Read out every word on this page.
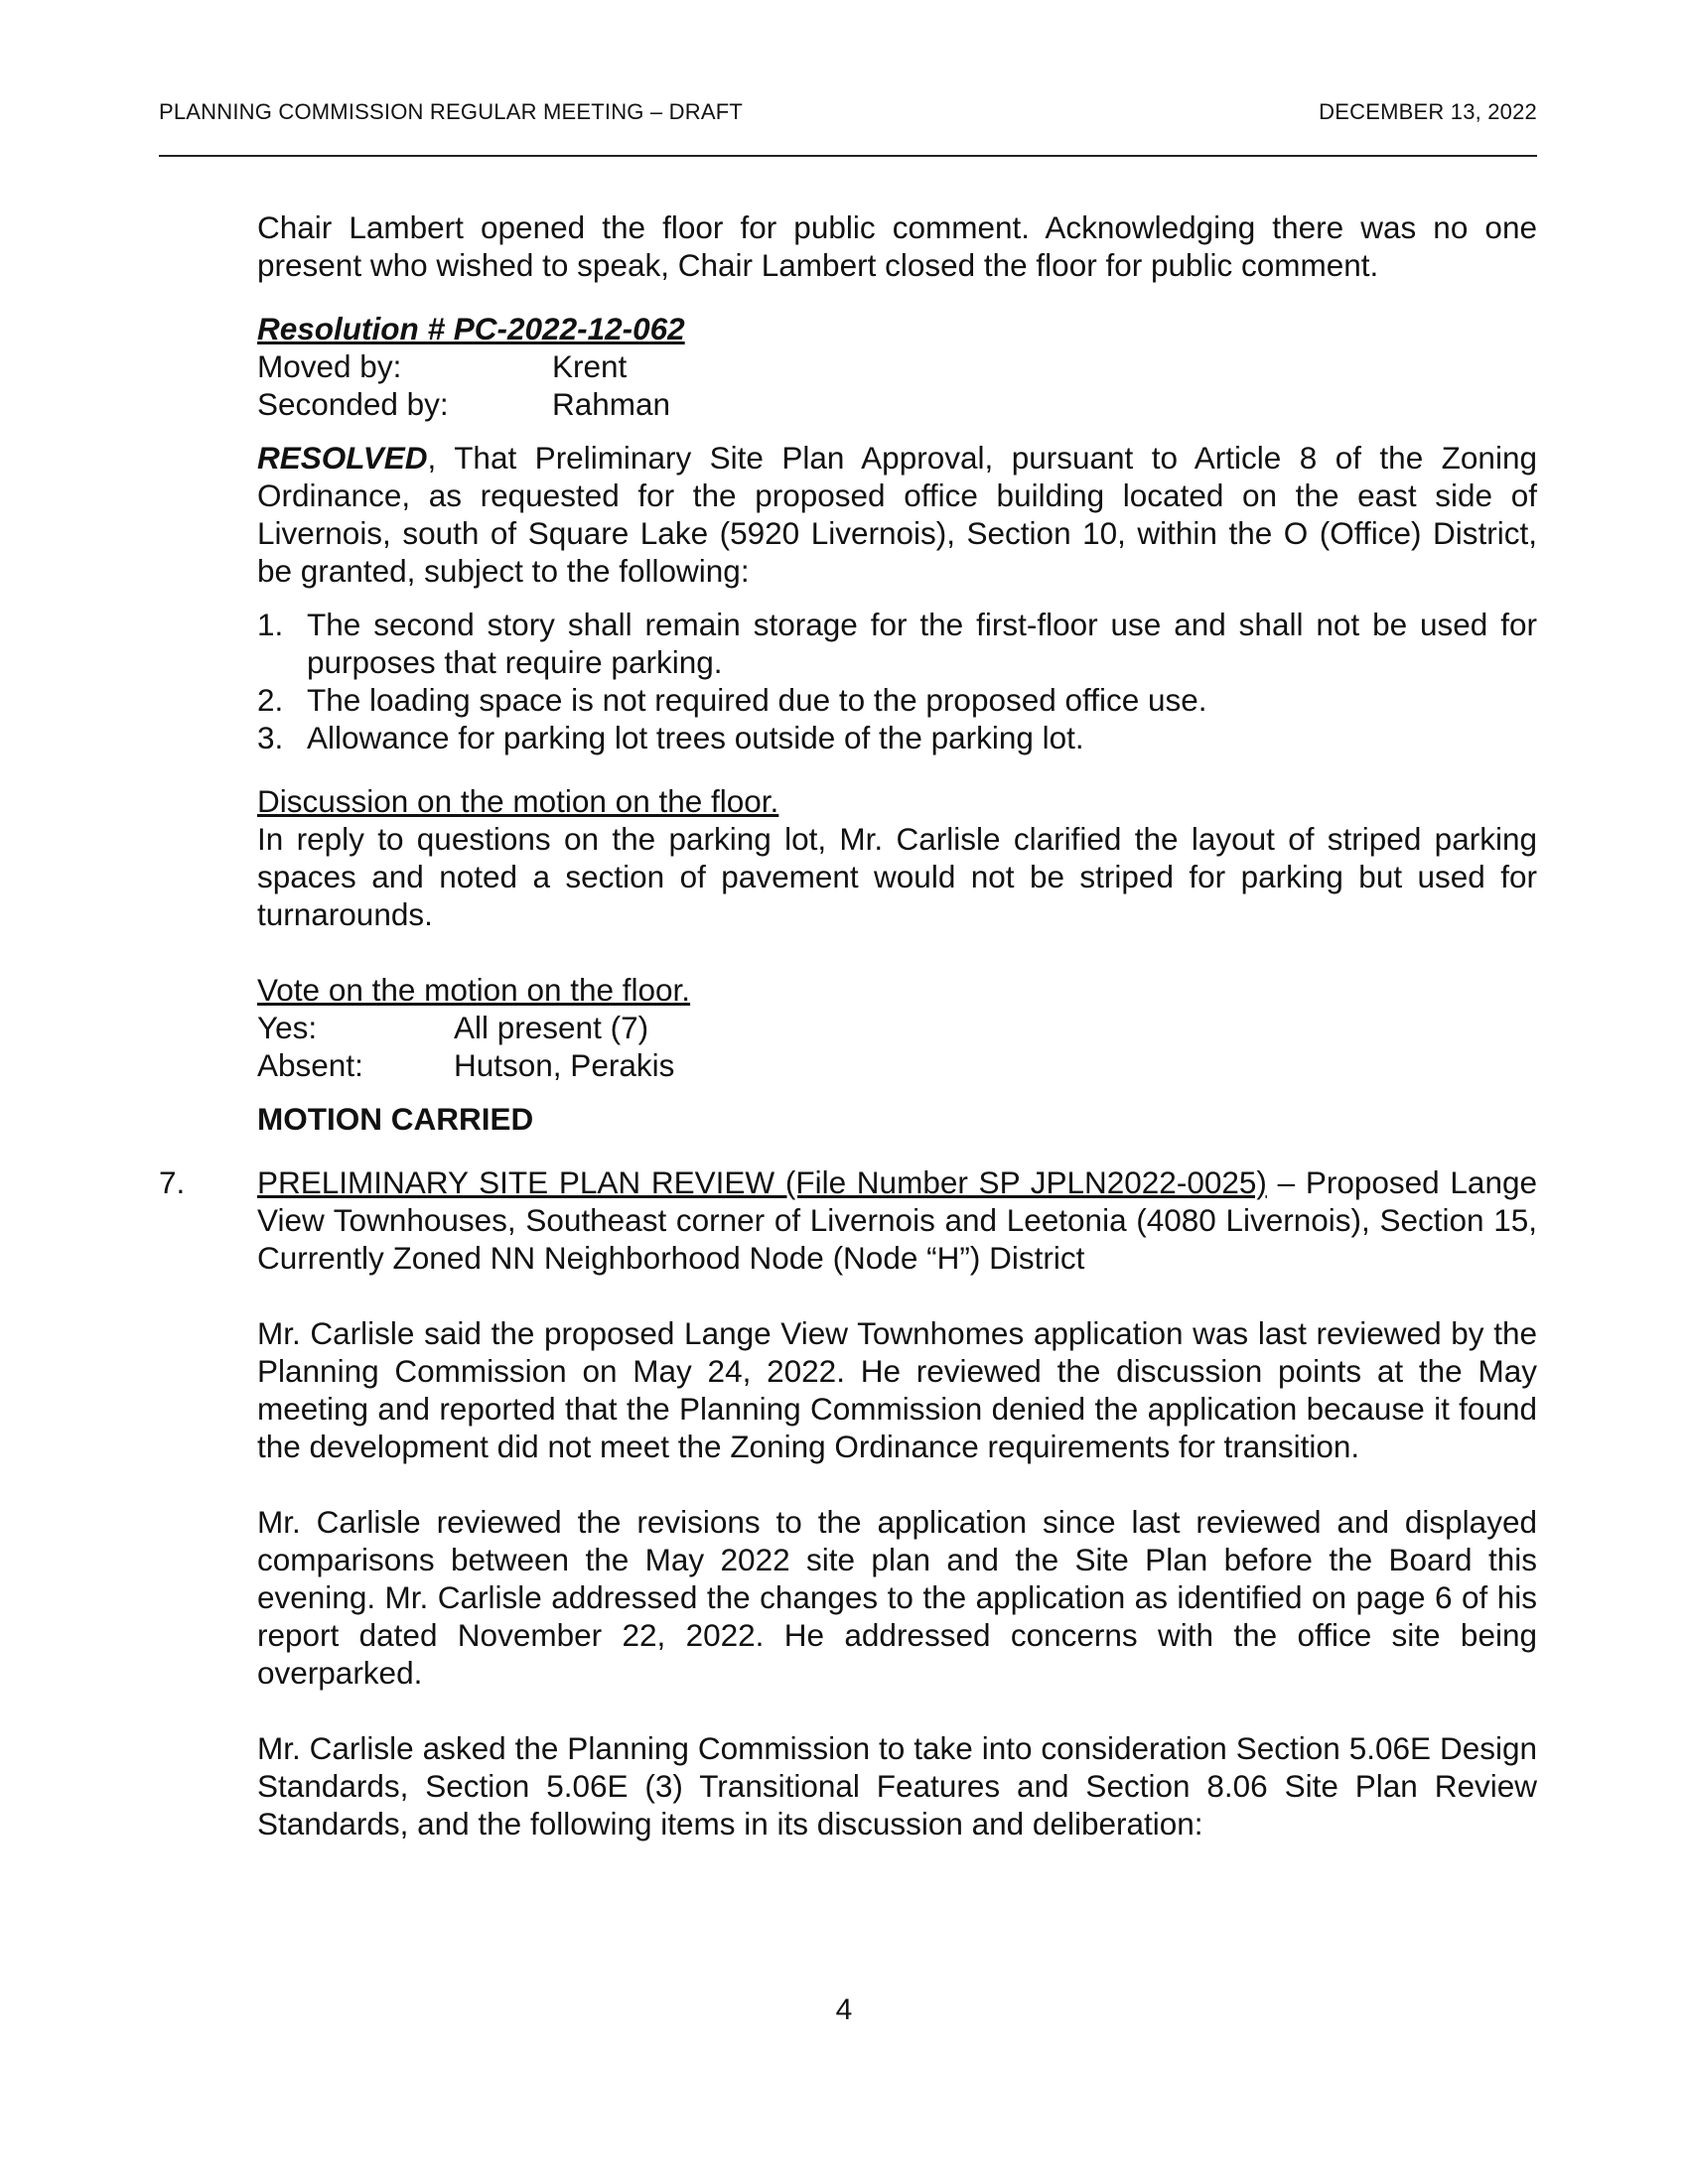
PLANNING COMMISSION REGULAR MEETING – DRAFT	DECEMBER 13, 2022

Chair Lambert opened the floor for public comment. Acknowledging there was no one present who wished to speak, Chair Lambert closed the floor for public comment.

Resolution # PC-2022-12-062
Moved by:	Krent
Seconded by:	Rahman

RESOLVED, That Preliminary Site Plan Approval, pursuant to Article 8 of the Zoning Ordinance, as requested for the proposed office building located on the east side of Livernois, south of Square Lake (5920 Livernois), Section 10, within the O (Office) District, be granted, subject to the following:

1. The second story shall remain storage for the first-floor use and shall not be used for purposes that require parking.
2. The loading space is not required due to the proposed office use.
3. Allowance for parking lot trees outside of the parking lot.
Discussion on the motion on the floor.

In reply to questions on the parking lot, Mr. Carlisle clarified the layout of striped parking spaces and noted a section of pavement would not be striped for parking but used for turnarounds.

Vote on the motion on the floor.
Yes:	All present (7)
Absent:	Hutson, Perakis
MOTION CARRIED
7. PRELIMINARY SITE PLAN REVIEW (File Number SP JPLN2022-0025) – Proposed Lange View Townhouses, Southeast corner of Livernois and Leetonia (4080 Livernois), Section 15, Currently Zoned NN Neighborhood Node (Node “H”) District

Mr. Carlisle said the proposed Lange View Townhomes application was last reviewed by the Planning Commission on May 24, 2022. He reviewed the discussion points at the May meeting and reported that the Planning Commission denied the application because it found the development did not meet the Zoning Ordinance requirements for transition.

Mr. Carlisle reviewed the revisions to the application since last reviewed and displayed comparisons between the May 2022 site plan and the Site Plan before the Board this evening. Mr. Carlisle addressed the changes to the application as identified on page 6 of his report dated November 22, 2022. He addressed concerns with the office site being overparked.

Mr. Carlisle asked the Planning Commission to take into consideration Section 5.06E Design Standards, Section 5.06E (3) Transitional Features and Section 8.06 Site Plan Review Standards, and the following items in its discussion and deliberation:

4
